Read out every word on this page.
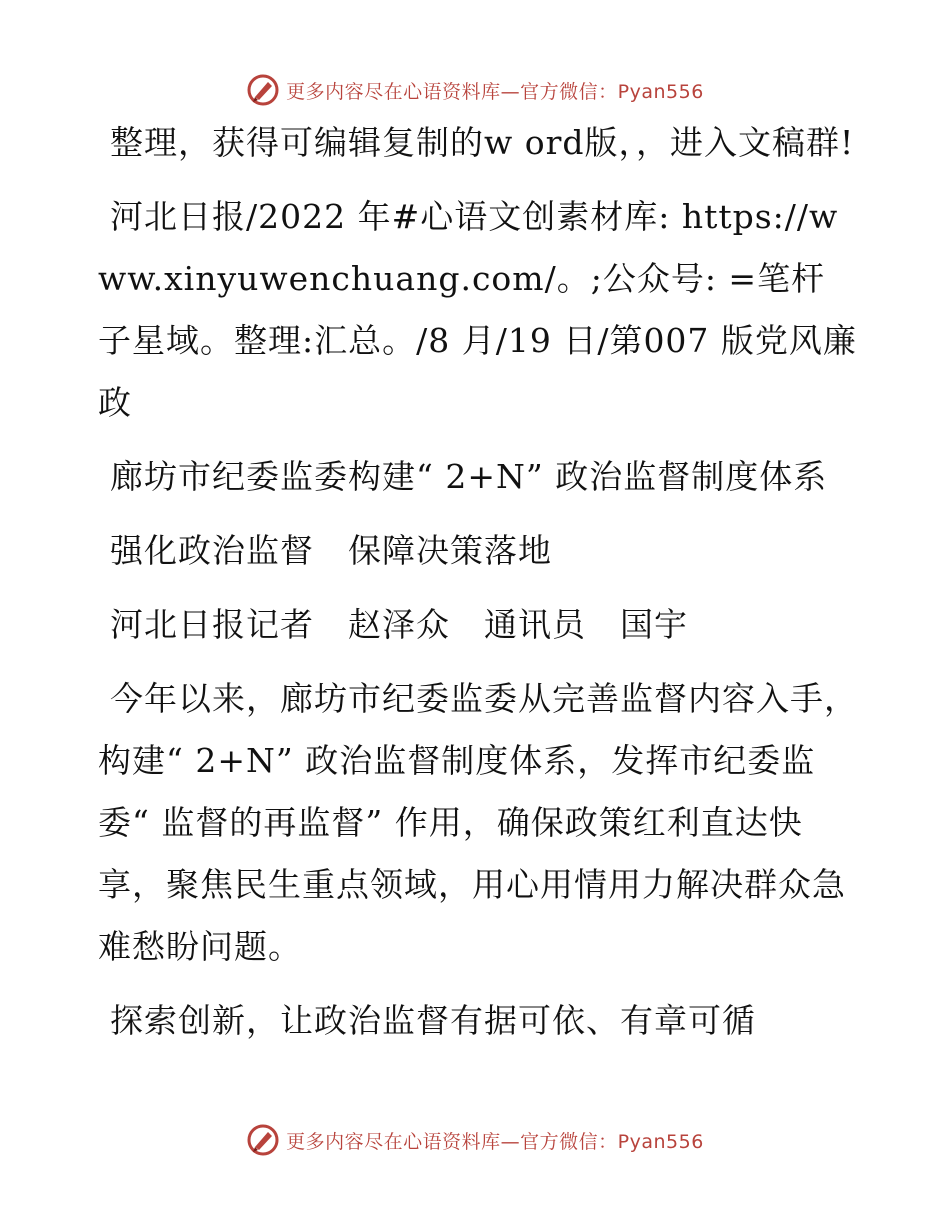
更多内容尽在心语资料库—官方微信：Pyan556

整理，获得可编辑复制的w ord版，，进入文稿群!

河北日报/2022 年#心语文创素材库: https://www.xinyuwenchuang.com/。;公众号: =笔杆子星域。整理:汇总。/8 月/19 日/第007 版党风廉政

廊坊市纪委监委构建“ 2+N” 政治监督制度体系

强化政治监督　保障决策落地

河北日报记者　赵泽众　通讯员　国宇

今年以来，廊坊市纪委监委从完善监督内容入手，构建“ 2+N” 政治监督制度体系，发挥市纪委监委“ 监督的再监督” 作用，确保政策红利直达快享，聚焦民生重点领域，用心用情用力解决群众急难愁盼问题。

探索创新，让政治监督有据可依、有章可循

更多内容尽在心语资料库—官方微信：Pyan556
